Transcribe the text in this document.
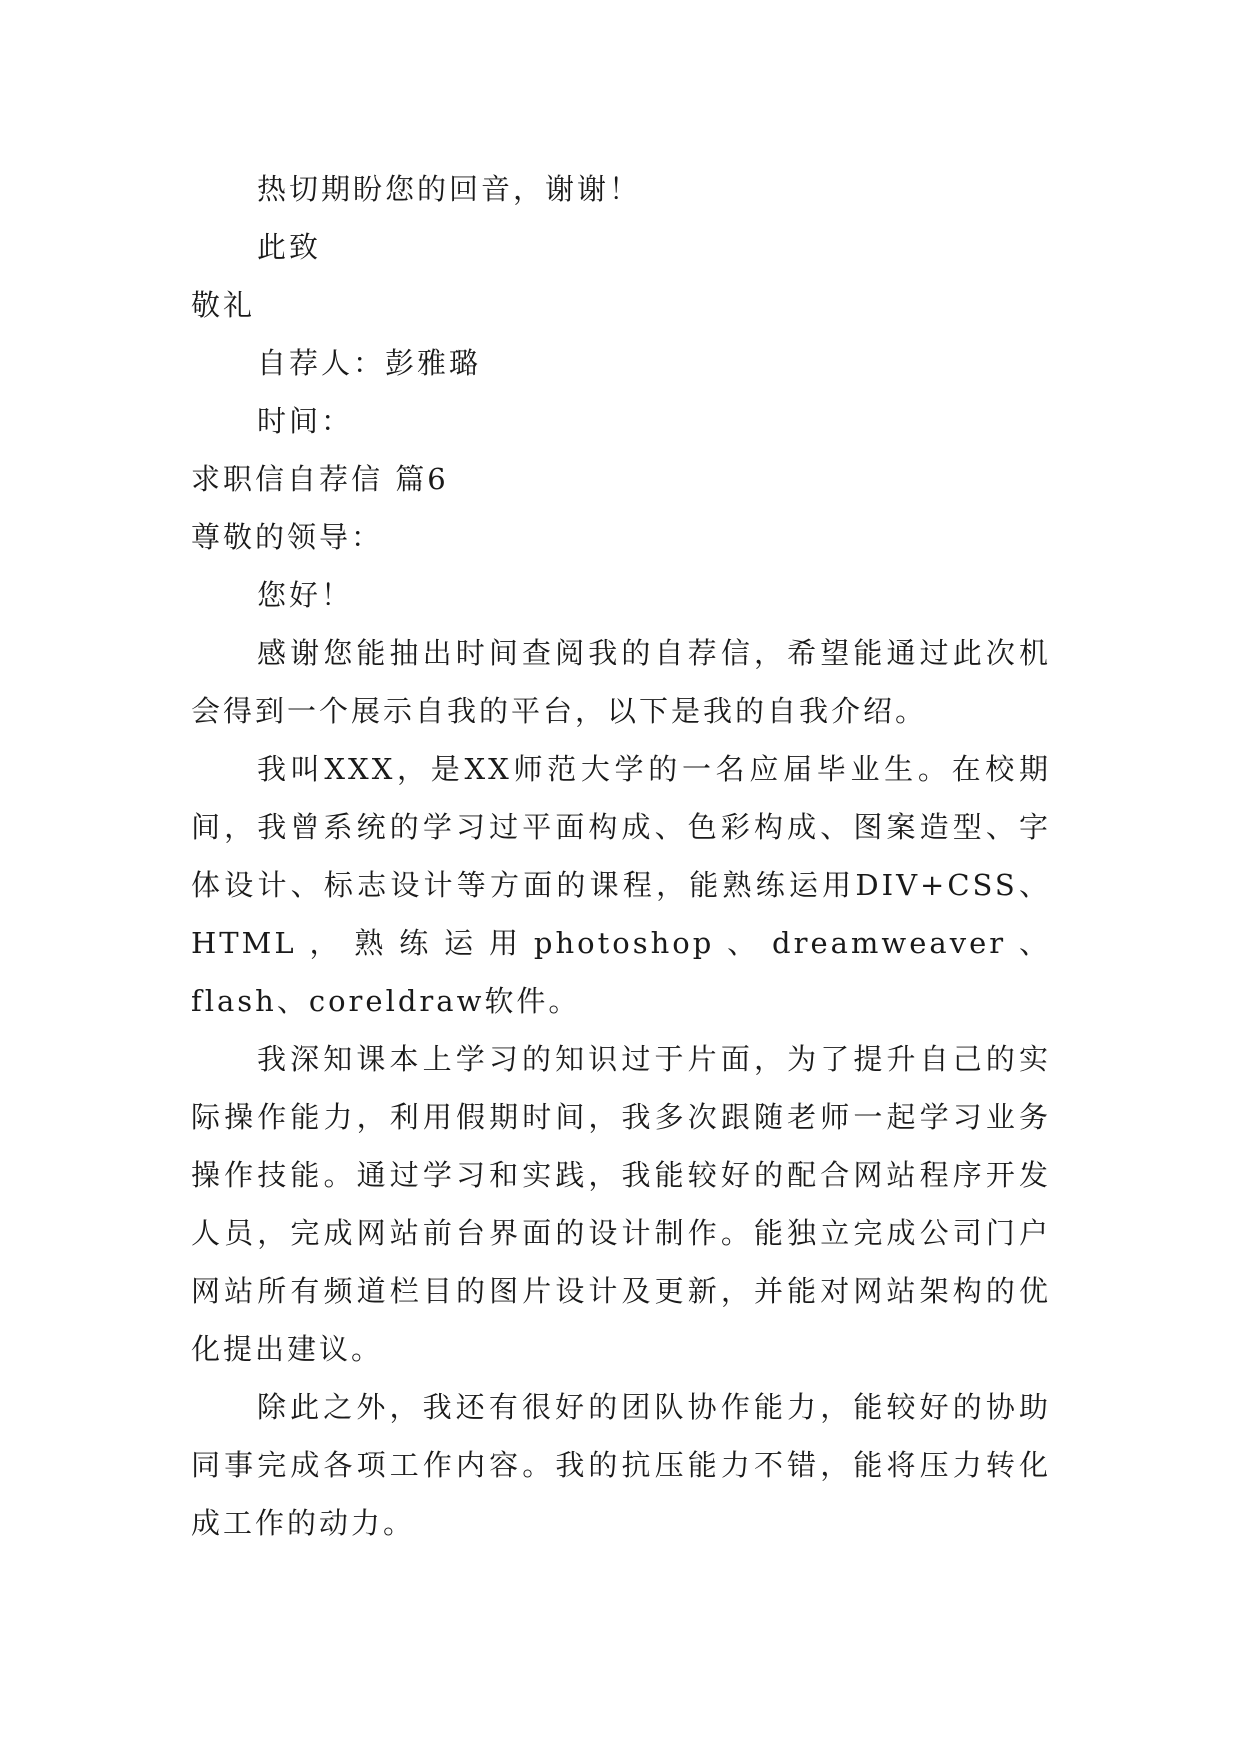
热切期盼您的回音，谢谢！

此致

敬礼

自荐人：彭雅璐

时间：

求职信自荐信 篇6

尊敬的领导：

您好！

感谢您能抽出时间查阅我的自荐信，希望能通过此次机会得到一个展示自我的平台，以下是我的自我介绍。

我叫XXX，是XX师范大学的一名应届毕业生。在校期间，我曾系统的学习过平面构成、色彩构成、图案造型、字体设计、标志设计等方面的课程，能熟练运用DIV+CSS、HTML，熟练运用photoshop、dreamweaver、flash、coreldraw软件。

我深知课本上学习的知识过于片面，为了提升自己的实际操作能力，利用假期时间，我多次跟随老师一起学习业务操作技能。通过学习和实践，我能较好的配合网站程序开发人员，完成网站前台界面的设计制作。能独立完成公司门户网站所有频道栏目的图片设计及更新，并能对网站架构的优化提出建议。

除此之外，我还有很好的团队协作能力，能较好的协助同事完成各项工作内容。我的抗压能力不错，能将压力转化成工作的动力。
